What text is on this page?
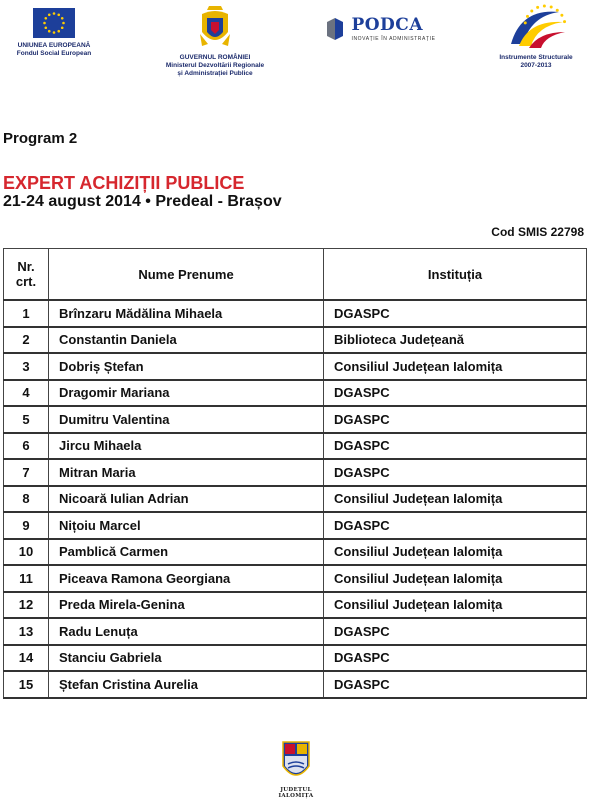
UNIUNEA EUROPEANĂ
Fondul Social European
GUVERNUL ROMÂNIEI
Ministerul Dezvoltării Regionale
și Administrației Publice

PODCA
INOVAȚIE ÎN ADMINISTRAȚIE
Instrumente Structurale
2007-2013
Program 2
EXPERT ACHIZIȚII PUBLICE
21-24 august 2014 • Predeal - Brașov
Cod SMIS 22798
Nr.
crt.	Nume Prenume	Instituția
1	Brînzaru Mădălina Mihaela	DGASPC
2	Constantin Daniela	Biblioteca Județeană
3	Dobriș Ștefan	Consiliul Județean Ialomița
4	Dragomir Mariana	DGASPC
5	Dumitru Valentina	DGASPC
6	Jircu Mihaela	DGASPC
7	Mitran Maria	DGASPC
8	Nicoară Iulian Adrian	Consiliul Județean Ialomița
9	Nițoiu Marcel	DGASPC
10	Pamblică Carmen	Consiliul Județean Ialomița
11	Piceava Ramona Georgiana	Consiliul Județean Ialomița
12	Preda Mirela-Genina	Consiliul Județean Ialomița
13	Radu Lenuța	DGASPC
14	Stanciu Gabriela	DGASPC
15	Ștefan Cristina Aurelia	DGASPC
JUDEȚUL IALOMIȚA
